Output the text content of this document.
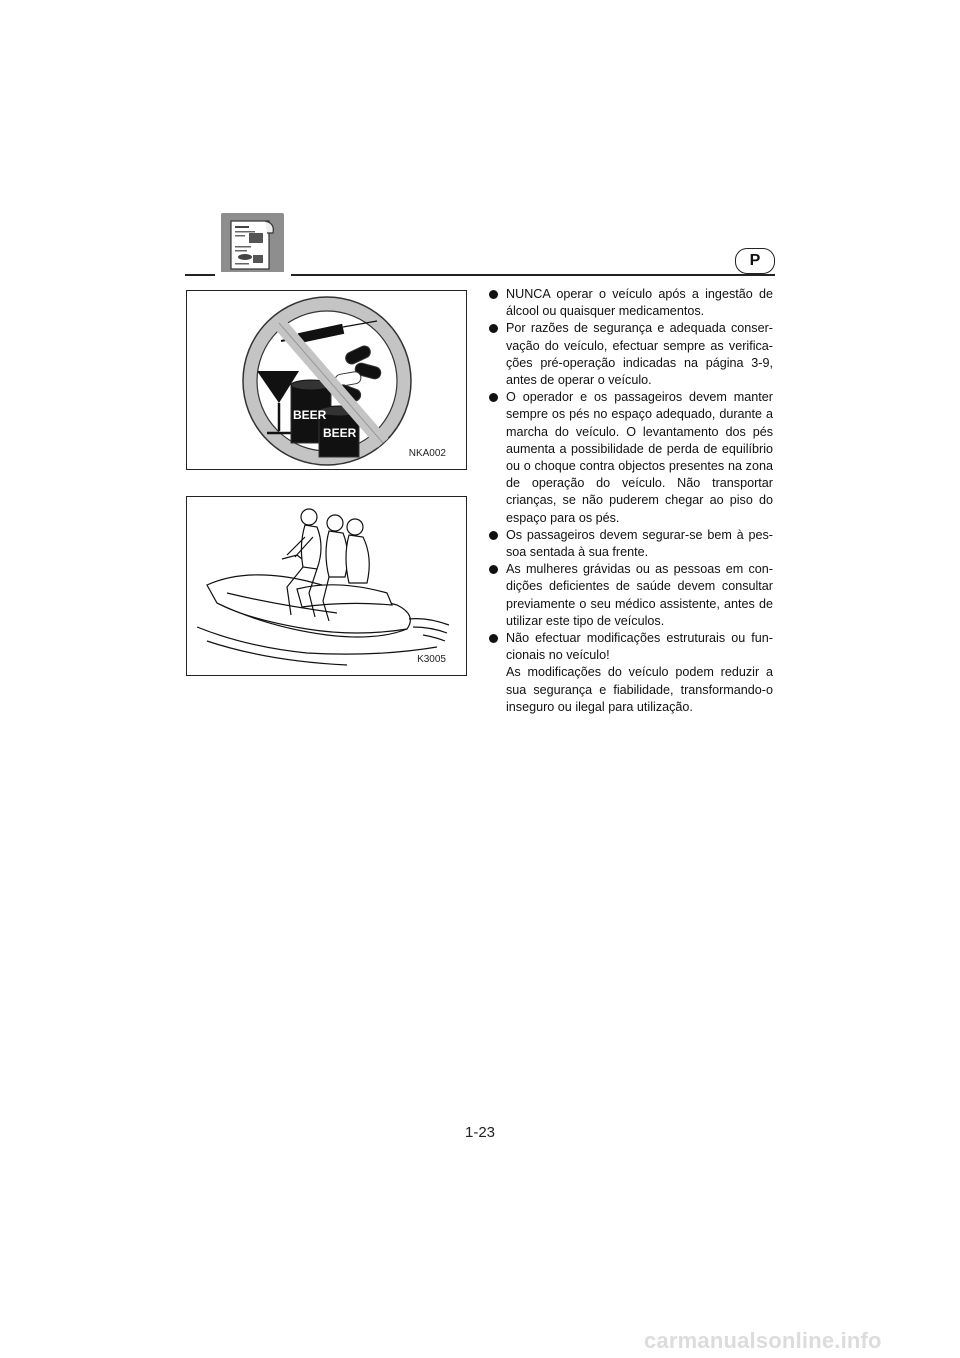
P
BEER
BEER
NKA002
K3005

NUNCA operar o veículo após a ingestão de álcool ou quaisquer medicamentos.

Por razões de segurança e adequada conser-vação do veículo, efectuar sempre as verifica-ções pré-operação indicadas na página 3-9, antes de operar o veículo.

O operador e os passageiros devem manter sempre os pés no espaço adequado, durante a marcha do veículo. O levantamento dos pés aumenta a possibilidade de perda de equilíbrio ou o choque contra objectos presentes na zona de operação do veículo. Não transportar crianças, se não puderem chegar ao piso do espaço para os pés.

Os passageiros devem segurar-se bem à pes-soa sentada à sua frente.

As mulheres grávidas ou as pessoas em con-dições deficientes de saúde devem consultar previamente o seu médico assistente, antes de utilizar este tipo de veículos.

Não efectuar modificações estruturais ou fun-cionais no veículo!

As modificações do veículo podem reduzir a sua segurança e fiabilidade, transformando-o inseguro ou ilegal para utilização.

1-23
carmanualsonline.info
